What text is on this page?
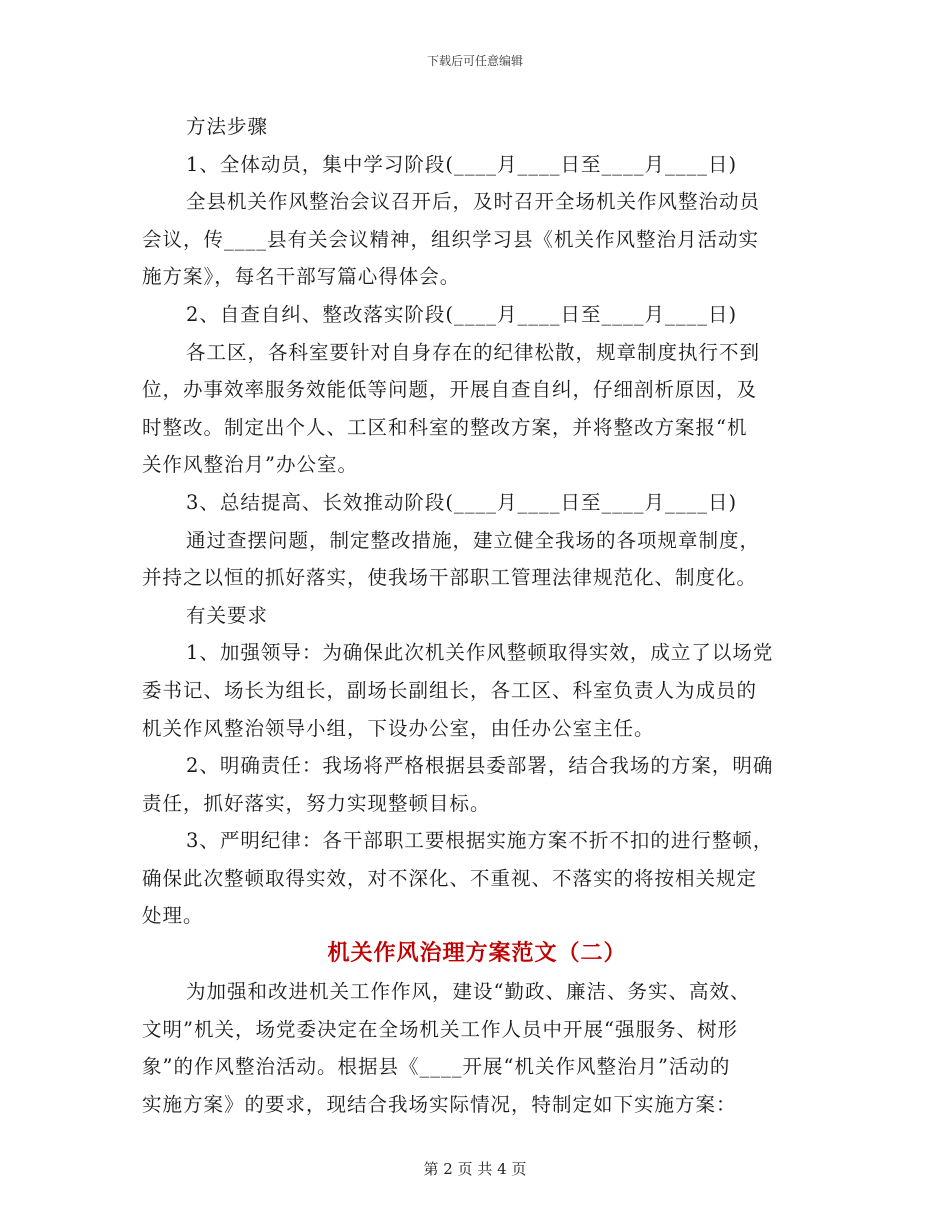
下载后可任意编辑
方法步骤
1、全体动员，集中学习阶段(____月____日至____月____日)
全县机关作风整治会议召开后，及时召开全场机关作风整治动员
会议，传____县有关会议精神，组织学习县《机关作风整治月活动实
施方案》，每名干部写篇心得体会。
2、自查自纠、整改落实阶段(____月____日至____月____日)
各工区，各科室要针对自身存在的纪律松散，规章制度执行不到
位，办事效率服务效能低等问题，开展自查自纠，仔细剖析原因，及
时整改。制定出个人、工区和科室的整改方案，并将整改方案报“机
关作风整治月”办公室。
3、总结提高、长效推动阶段(____月____日至____月____日)
通过查摆问题，制定整改措施，建立健全我场的各项规章制度，
并持之以恒的抓好落实，使我场干部职工管理法律规范化、制度化。
有关要求
1、加强领导：为确保此次机关作风整顿取得实效，成立了以场党
委书记、场长为组长，副场长副组长，各工区、科室负责人为成员的
机关作风整治领导小组，下设办公室，由任办公室主任。
2、明确责任：我场将严格根据县委部署，结合我场的方案，明确
责任，抓好落实，努力实现整顿目标。
3、严明纪律：各干部职工要根据实施方案不折不扣的进行整顿，
确保此次整顿取得实效，对不深化、不重视、不落实的将按相关规定
处理。
机关作风治理方案范文（二）
为加强和改进机关工作作风，建设“勤政、廉洁、务实、高效、
文明”机关，场党委决定在全场机关工作人员中开展“强服务、树形
象”的作风整治活动。根据县《____开展“机关作风整治月”活动的
实施方案》的要求，现结合我场实际情况，特制定如下实施方案：
第 2 页 共 4 页
